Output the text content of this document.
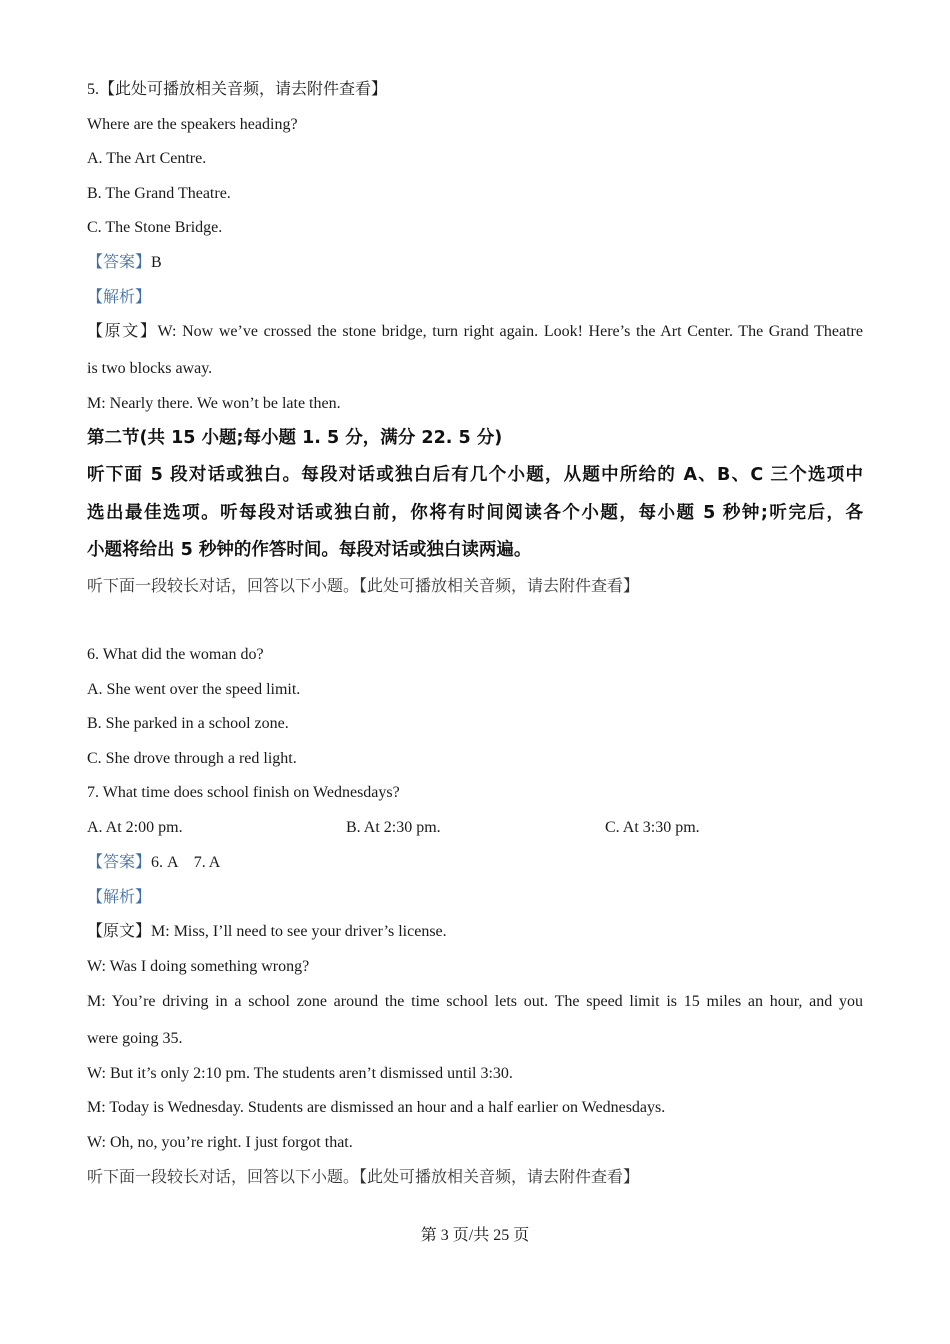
5.【此处可播放相关音频，请去附件查看】
Where are the speakers heading?
A. The Art Centre.
B. The Grand Theatre.
C. The Stone Bridge.
【答案】B
【解析】
【原文】W: Now we’ve crossed the stone bridge, turn right again. Look! Here’s the Art Center. The Grand Theatre
is two blocks away.
M: Nearly there. We won’t be late then.
第二节(共 15 小题;每小题 1. 5 分，满分 22. 5 分)
听下面 5 段对话或独白。每段对话或独白后有几个小题，从题中所给的 A、B、C 三个选项中
选出最佳选项。听每段对话或独白前，你将有时间阅读各个小题，每小题 5 秒钟;听完后，各
小题将给出 5 秒钟的作答时间。每段对话或独白读两遍。
听下面一段较长对话，回答以下小题。【此处可播放相关音频，请去附件查看】
6. What did the woman do?
A. She went over the speed limit.
B. She parked in a school zone.
C. She drove through a red light.
7. What time does school finish on Wednesdays?
A. At 2:00 pm.	B. At 2:30 pm.	C. At 3:30 pm.
【答案】6. A    7. A
【解析】
【原文】M: Miss, I’ll need to see your driver’s license.
W: Was I doing something wrong?
M: You’re driving in a school zone around the time school lets out. The speed limit is 15 miles an hour, and you
were going 35.
W: But it’s only 2:10 pm. The students aren’t dismissed until 3:30.
M: Today is Wednesday. Students are dismissed an hour and a half earlier on Wednesdays.
W: Oh, no, you’re right. I just forgot that.
听下面一段较长对话，回答以下小题。【此处可播放相关音频，请去附件查看】
第 3 页/共 25 页
